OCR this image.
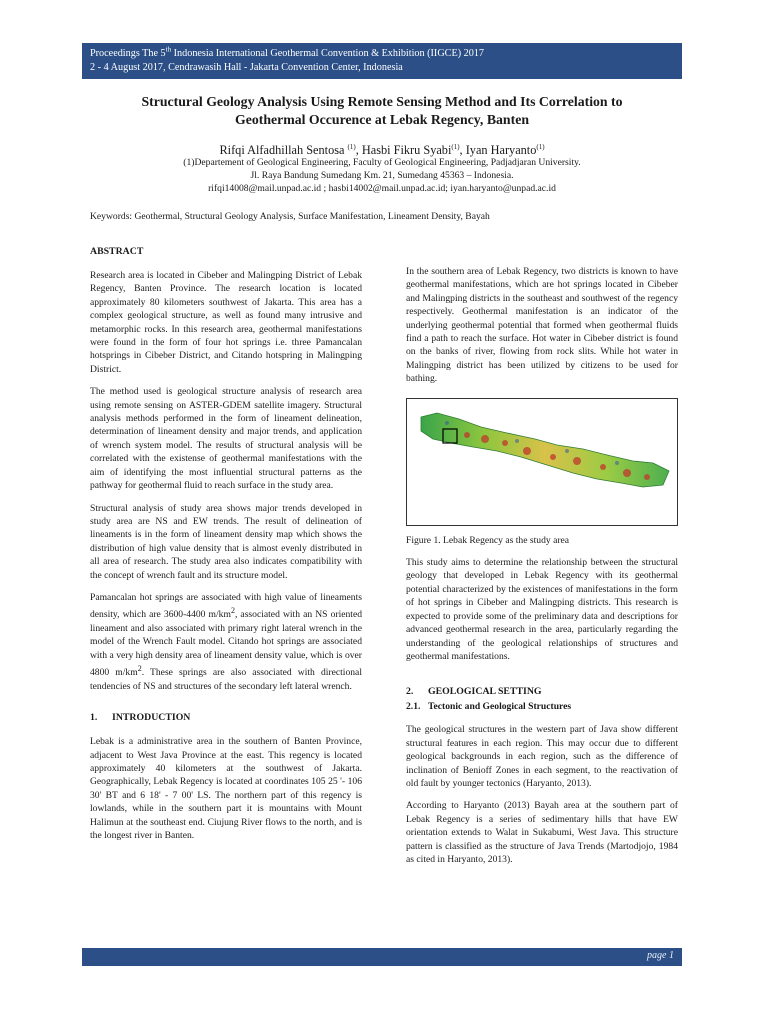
Proceedings The 5th Indonesia International Geothermal Convention & Exhibition (IIGCE) 2017
2 - 4 August 2017, Cendrawasih Hall - Jakarta Convention Center, Indonesia
Structural Geology Analysis Using Remote Sensing Method and Its Correlation to
Geothermal Occurence at Lebak Regency, Banten
Rifqi Alfadhillah Sentosa $^{(1)}$, Hasbi Fikru Syabi$^{(1)}$, Iyan Haryanto$^{(1)}$
(1)Departement of Geological Engineering, Faculty of Geological Engineering, Padjadjaran University.
Jl. Raya Bandung Sumedang Km. 21, Sumedang 45363 – Indonesia.
rifqi14008@mail.unpad.ac.id ; hasbi14002@mail.unpad.ac.id; iyan.haryanto@unpad.ac.id
Keywords: Geothermal, Structural Geology Analysis, Surface Manifestation, Lineament Density, Bayah
ABSTRACT

Research area is located in Cibeber and Malingping District of Lebak Regency, Banten Province. The research location is located approximately 80 kilometers southwest of Jakarta. This area has a complex geological structure, as well as found many intrusive and metamorphic rocks. In this research area, geothermal manifestations were found in the form of four hot springs i.e. three Pamancalan hotsprings in Cibeber District, and Citando hotspring in Malingping District.

The method used is geological structure analysis of research area using remote sensing on ASTER-GDEM satellite imagery. Structural analysis methods performed in the form of lineament delineation, determination of lineament density and major trends, and application of wrench system model. The results of structural analysis will be correlated with the existense of geothermal manifestations with the aim of identifying the most influential structural patterns as the pathway for geothermal fluid to reach surface in the study area.

Structural analysis of study area shows major trends developed in study area are NS and EW trends. The result of delineation of lineaments is in the form of lineament density map which shows the distribution of high value density that is almost evenly distributed in all area of research. The study area also indicates compatibility with the concept of wrench fault and its structure model.

Pamancalan hot springs are associated with high value of lineaments density, which are 3600-4400 $m/km^2$, associated with an NS oriented lineament and also associated with primary right lateral wrench in the model of the Wrench Fault model. Citando hot springs are associated with a very high density area of lineament density value, which is over 4800 $m/km^2$. These springs are also associated with directional tendencies of NS and structures of the secondary left lateral wrench.

1. INTRODUCTION

Lebak is a administrative area in the southern of Banten Province, adjacent to West Java Province at the east. This regency is located approximately 40 kilometers at the southwest of Jakarta. Geographically, Lebak Regency is located at coordinates 105 25 '- 106 30' BT and 6 18' - 7 00' LS. The northern part of this regency is lowlands, while in the southern part it is mountains with Mount Halimun at the southeast end. Ciujung River flows to the north, and is the longest river in Banten.

In the southern area of Lebak Regency, two districts is known to have geothermal manifestations, which are hot springs located in Cibeber and Malingping districts in the southeast and southwest of the regency respectively. Geothermal manifestation is an indicator of the underlying geothermal potential that formed when geothermal fluids find a path to reach the surface. Hot water in Cibeber district is found on the banks of river, flowing from rock slits. While hot water in Malingping district has been utilized by citizens to be used for bathing.

Figure 1. Lebak Regency as the study area

This study aims to determine the relationship between the structural geology that developed in Lebak Regency with its geothermal potential characterized by the existences of manifestations in the form of hot springs in Cibeber and Malingping districts. This research is expected to provide some of the preliminary data and descriptions for advanced geothermal research in the area, particularly regarding the understanding of the geological relationships of structures and geothermal manifestations.

2. GEOLOGICAL SETTING
2.1. Tectonic and Geological Structures

The geological structures in the western part of Java show different structural features in each region. This may occur due to different geological backgrounds in each region, such as the difference of inclination of Benioff Zones in each segment, to the reactivation of old fault by younger tectonics (Haryanto, 2013).

According to Haryanto (2013) Bayah area at the southern part of Lebak Regency is a series of sedimentary hills that have EW orientation extends to Walat in Sukabumi, West Java. This structure pattern is classified as the structure of Java Trends (Martodjojo, 1984 as cited in Haryanto, 2013).

page 1
